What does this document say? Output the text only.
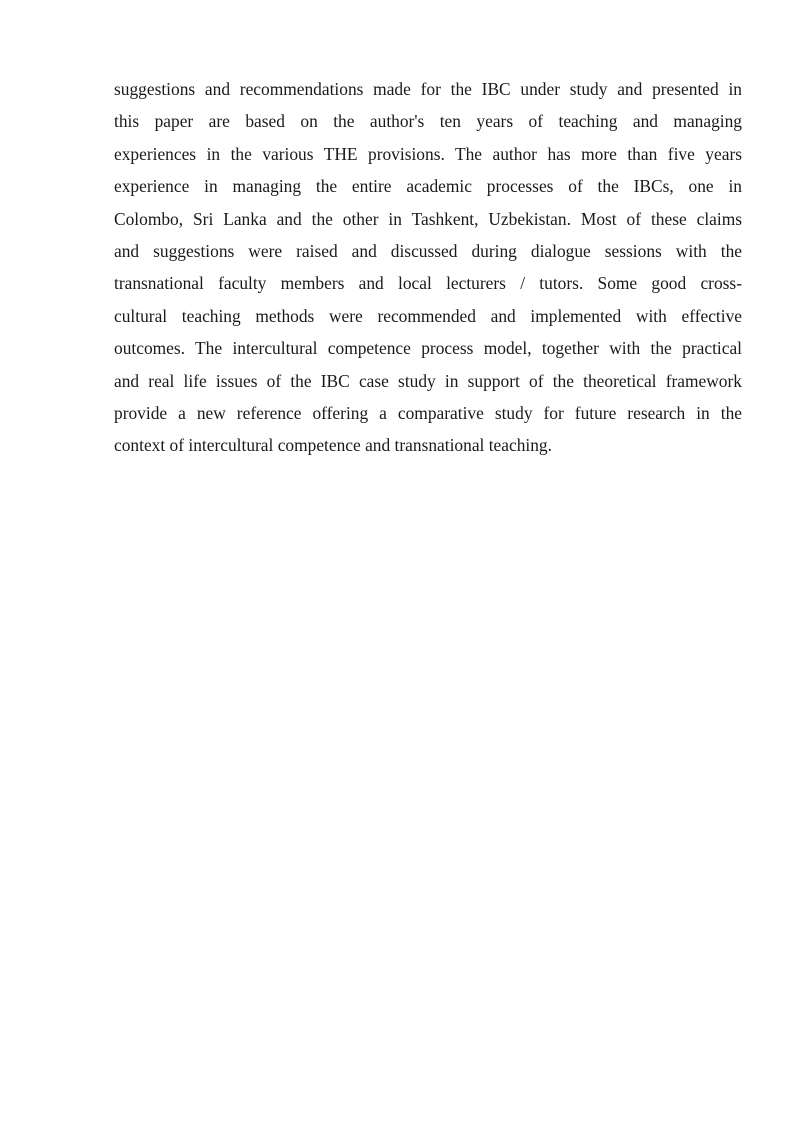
suggestions and recommendations made for the IBC under study and presented in
this paper are based on the author's ten years of teaching and managing
experiences in the various THE provisions. The author has more than five years
experience in managing the entire academic processes of the IBCs, one in
Colombo, Sri Lanka and the other in Tashkent, Uzbekistan. Most of these claims
and suggestions were raised and discussed during dialogue sessions with the
transnational faculty members and local lecturers / tutors. Some good cross-
cultural teaching methods were recommended and implemented with effective
outcomes. The intercultural competence process model, together with the practical
and real life issues of the IBC case study in support of the theoretical framework
provide a new reference offering a comparative study for future research in the
context of intercultural competence and transnational teaching.
